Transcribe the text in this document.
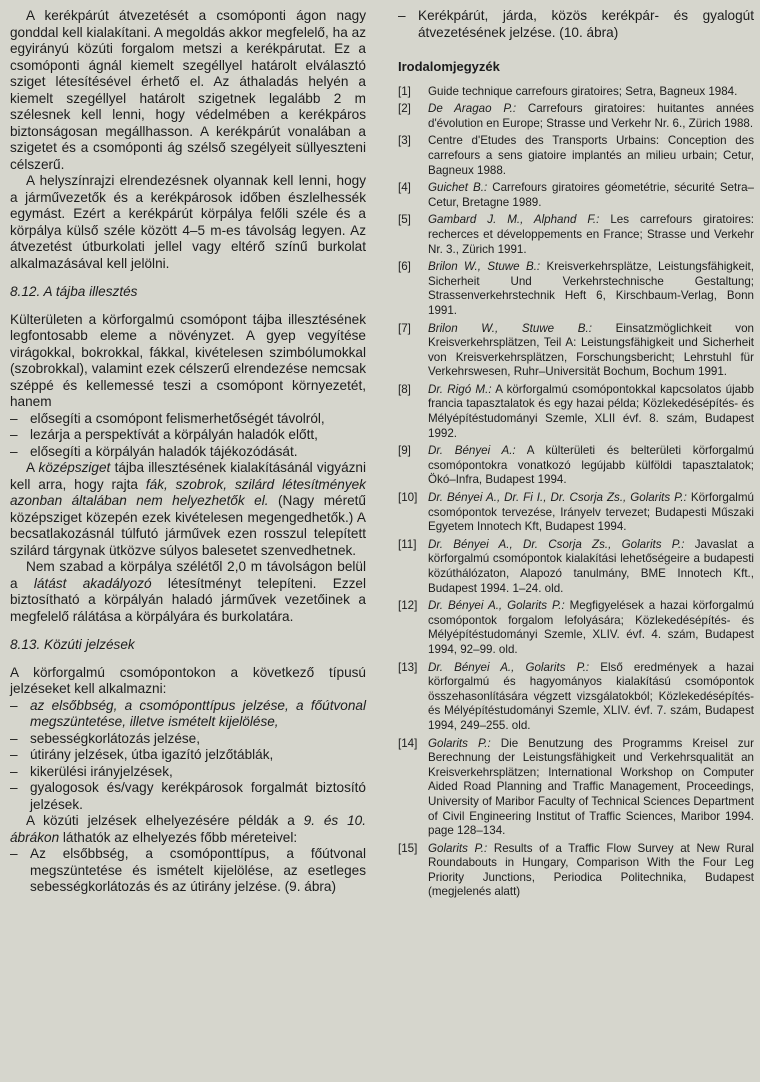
A kerékpárút átvezetését a csomóponti ágon nagy gonddal kell kialakítani. A megoldás akkor megfelelő, ha az egyirányú közúti forgalom metszi a kerékpárutat. Ez a csomóponti ágnál kiemelt szegéllyel határolt elválasztó sziget létesítésével érhető el. Az áthaladás helyén a kiemelt szegéllyel határolt szigetnek legalább 2 m szélesnek kell lenni, hogy védelmében a kerékpáros biztonságosan megállhasson. A kerékpárút vonalában a szigetet és a csomóponti ág szélső szegélyeit süllyeszteni célszerű.

A helyszínrajzi elrendezésnek olyannak kell lenni, hogy a járművezetők és a kerékpárosok időben észlelhessék egymást. Ezért a kerékpárút körpálya felőli széle és a körpálya külső széle között 4–5 m-es távolság legyen. Az átvezetést útburkolati jellel vagy eltérő színű burkolat alkalmazásával kell jelölni.

8.12. A tájba illesztés

Külterületen a körforgalmú csomópont tájba illesztésének legfontosabb eleme a növényzet. A gyep vegyítése virágokkal, bokrokkal, fákkal, kivételesen szimbólumokkal (szobrokkal), valamint ezek célszerű elrendezése nemcsak széppé és kellemessé teszi a csomópont környezetét, hanem

– elősegíti a csomópont felismerhetőségét távolról,
– lezárja a perspektívát a körpályán haladók előtt,
– elősegíti a körpályán haladók tájékozódását.

A középsziget tájba illesztésének kialakításánál vigyázni kell arra, hogy rajta fák, szobrok, szilárd létesítmények azonban általában nem helyezhetők el. (Nagy méretű középsziget közepén ezek kivételesen megengedhetők.) A becsatlakozásnál túlfutó járművek ezen rosszul telepített szilárd tárgynak ütközve súlyos balesetet szenvedhetnek.

Nem szabad a körpálya szélétől 2,0 m távolságon belül a látást akadályozó létesítményt telepíteni. Ezzel biztosítható a körpályán haladó járművek vezetőinek a megfelelő rálátása a körpályára és burkolatára.

8.13. Közúti jelzések

A körforgalmú csomópontokon a következő típusú jelzéseket kell alkalmazni:

– az elsőbbség, a csomóponttípus jelzése, a főútvonal megszüntetése, illetve ismételt kijelölése,
– sebességkorlátozás jelzése,
– útirány jelzések, útba igazító jelzőtáblák,
– kikerülési irányjelzések,
– gyalogosok és/vagy kerékpárosok forgalmát biztosító jelzések.

A közúti jelzések elhelyezésére példák a 9. és 10. ábrákon láthatók az elhelyezés főbb méreteivel:

– Az elsőbbség, a csomóponttípus, a főútvonal megszüntetése és ismételt kijelölése, az esetleges sebességkorlátozás és az útirány jelzése. (9. ábra)
– Kerékpárút, járda, közös kerékpár- és gyalogút átvezetésének jelzése. (10. ábra)
Irodalomjegyzék
[1]	Guide technique carrefours giratoires; Setra, Bagneux 1984.
[2]	De Aragao P.: Carrefours giratoires: huitantes années d'évolution en Europe; Strasse und Verkehr Nr. 6., Zürich 1988.
[3]	Centre d'Etudes des Transports Urbains: Conception des carrefours a sens giatoire implantés an milieu urbain; Cetur, Bagneux 1988.
[4]	Guichet B.: Carrefours giratoires géometétrie, sécurité Setra–Cetur, Bretagne 1989.
[5]	Gambard J. M., Alphand F.: Les carrefours giratoires: recherces et développements en France; Strasse und Verkehr Nr. 3., Zürich 1991.
[6]	Brilon W., Stuwe B.: Kreisverkehrsplätze, Leistungsfähigkeit, Sicherheit Und Verkehrstechnische Gestaltung; Strassenverkehrstechnik Heft 6, Kirschbaum-Verlag, Bonn 1991.
[7]	Brilon W., Stuwe B.: Einsatzmöglichkeit von Kreisverkehrsplätzen, Teil A: Leistungsfähigkeit und Sicherheit von Kreisverkehrsplätzen, Forschungsbericht; Lehrstuhl für Verkehrswesen, Ruhr–Universität Bochum, Bochum 1991.
[8]	Dr. Rigó M.: A körforgalmú csomópontokkal kapcsolatos újabb francia tapasztalatok és egy hazai példa; Közlekedésépítés- és Mélyépítéstudományi Szemle, XLII évf. 8. szám, Budapest 1992.
[9]	Dr. Bényei A.: A külterületi és belterületi körforgalmú csomópontokra vonatkozó legújabb külföldi tapasztalatok; Ökó–Infra, Budapest 1994.
[10] Dr. Bényei A., Dr. Fi I., Dr. Csorja Zs., Golarits P.: Körforgalmú csomópontok tervezése, Irányelv tervezet; Budapesti Műszaki Egyetem Innotech Kft, Budapest 1994.
[11] Dr. Bényei A., Dr. Csorja Zs., Golarits P.: Javaslat a körforgalmú csomópontok kialakítási lehetőségeire a budapesti közúthálózaton, Alapozó tanulmány, BME Innotech Kft., Budapest 1994. 1–24. old.
[12] Dr. Bényei A., Golarits P.: Megfigyelések a hazai körforgalmú csomópontok forgalom lefolyására; Közlekedésépítés- és Mélyépítéstudományi Szemle, XLIV. évf. 4. szám, Budapest 1994, 92–99. old.
[13] Dr. Bényei A., Golarits P.: Első eredmények a hazai körforgalmú és hagyományos kialakítású csomópontok összehasonlítására végzett vizsgálatokból; Közlekedésépítés- és Mélyépítéstudományi Szemle, XLIV. évf. 7. szám, Budapest 1994, 249–255. old.
[14] Golarits P.: Die Benutzung des Programms Kreisel zur Berechnung der Leistungsfähigkeit und Verkehrsqualität an Kreisverkehrsplätzen; International Workshop on Computer Aided Road Planning and Traffic Management, Proceedings, University of Maribor Faculty of Technical Sciences Department of Civil Engineering Institut of Traffic Sciences, Maribor 1994. page 128–134.
[15] Golarits P.: Results of a Traffic Flow Survey at New Rural Roundabouts in Hungary, Comparison With the Four Leg Priority Junctions, Periodica Politechnika, Budapest (megjelenés alatt)
